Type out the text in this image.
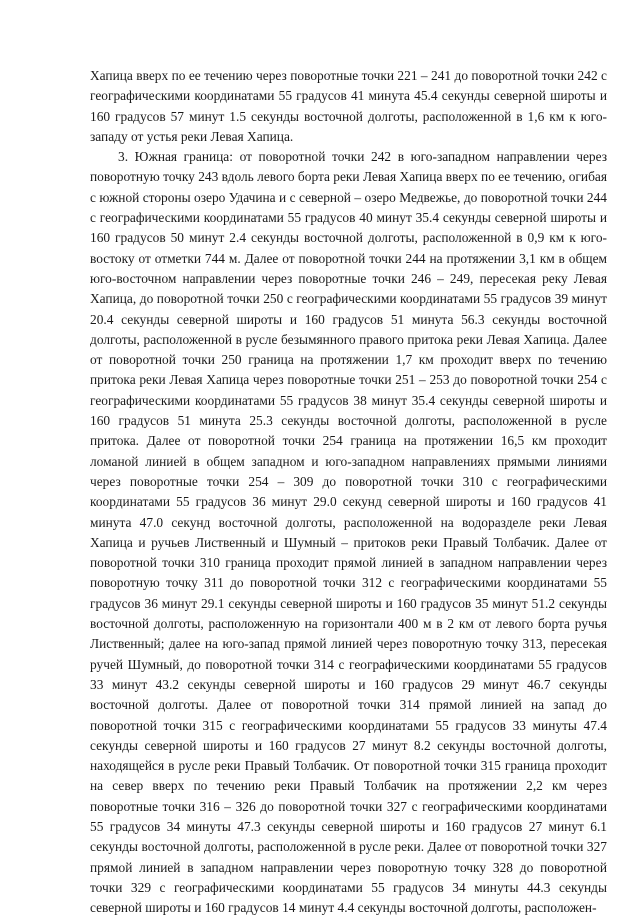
Хапица вверх по ее течению через поворотные точки 221 – 241 до поворотной точки 242 с географическими координатами 55 градусов 41 минута 45.4 секунды северной широты и 160 градусов 57 минут 1.5 секунды восточной долготы, расположенной в 1,6 км к юго-западу от устья реки Левая Хапица.

3. Южная граница: от поворотной точки 242 в юго-западном направлении через поворотную точку 243 вдоль левого борта реки Левая Хапица вверх по ее течению, огибая с южной стороны озеро Удачина и с северной – озеро Медвежье, до поворотной точки 244 с географическими координатами 55 градусов 40 минут 35.4 секунды северной широты и 160 градусов 50 минут 2.4 секунды восточной долготы, расположенной в 0,9 км к юго-востоку от отметки 744 м. Далее от поворотной точки 244 на протяжении 3,1 км в общем юго-восточном направлении через поворотные точки 246 – 249, пересекая реку Левая Хапица, до поворотной точки 250 с географическими координатами 55 градусов 39 минут 20.4 секунды северной широты и 160 градусов 51 минута 56.3 секунды восточной долготы, расположенной в русле безымянного правого притока реки Левая Хапица. Далее от поворотной точки 250 граница на протяжении 1,7 км проходит вверх по течению притока реки Левая Хапица через поворотные точки 251 – 253 до поворотной точки 254 с географическими координатами 55 градусов 38 минут 35.4 секунды северной широты и 160 градусов 51 минута 25.3 секунды восточной долготы, расположенной в русле притока. Далее от поворотной точки 254 граница на протяжении 16,5 км проходит ломаной линией в общем западном и юго-западном направлениях прямыми линиями через поворотные точки 254 – 309 до поворотной точки 310 с географическими координатами 55 градусов 36 минут 29.0 секунд северной широты и 160 градусов 41 минута 47.0 секунд восточной долготы, расположенной на водоразделе реки Левая Хапица и ручьев Лиственный и Шумный – притоков реки Правый Толбачик. Далее от поворотной точки 310 граница проходит прямой линией в западном направлении через поворотную точку 311 до поворотной точки 312 с географическими координатами 55 градусов 36 минут 29.1 секунды северной широты и 160 градусов 35 минут 51.2 секунды восточной долготы, расположенную на горизонтали 400 м в 2 км от левого борта ручья Лиственный; далее на юго-запад прямой линией через поворотную точку 313, пересекая ручей Шумный, до поворотной точки 314 с географическими координатами 55 градусов 33 минут 43.2 секунды северной широты и 160 градусов 29 минут 46.7 секунды восточной долготы. Далее от поворотной точки 314 прямой линией на запад до поворотной точки 315 с географическими координатами 55 градусов 33 минуты 47.4 секунды северной широты и 160 градусов 27 минут 8.2 секунды восточной долготы, находящейся в русле реки Правый Толбачик. От поворотной точки 315 граница проходит на север вверх по течению реки Правый Толбачик на протяжении 2,2 км через поворотные точки 316 – 326 до поворотной точки 327 с географическими координатами 55 градусов 34 минуты 47.3 секунды северной широты и 160 градусов 27 минут 6.1 секунды восточной долготы, расположенной в русле реки. Далее от поворотной точки 327 прямой линией в западном направлении через поворотную точку 328 до поворотной точки 329 с географическими координатами 55 градусов 34 минуты 44.3 секунды северной широты и 160 градусов 14 минут 4.4 секунды восточной долготы, расположен-
